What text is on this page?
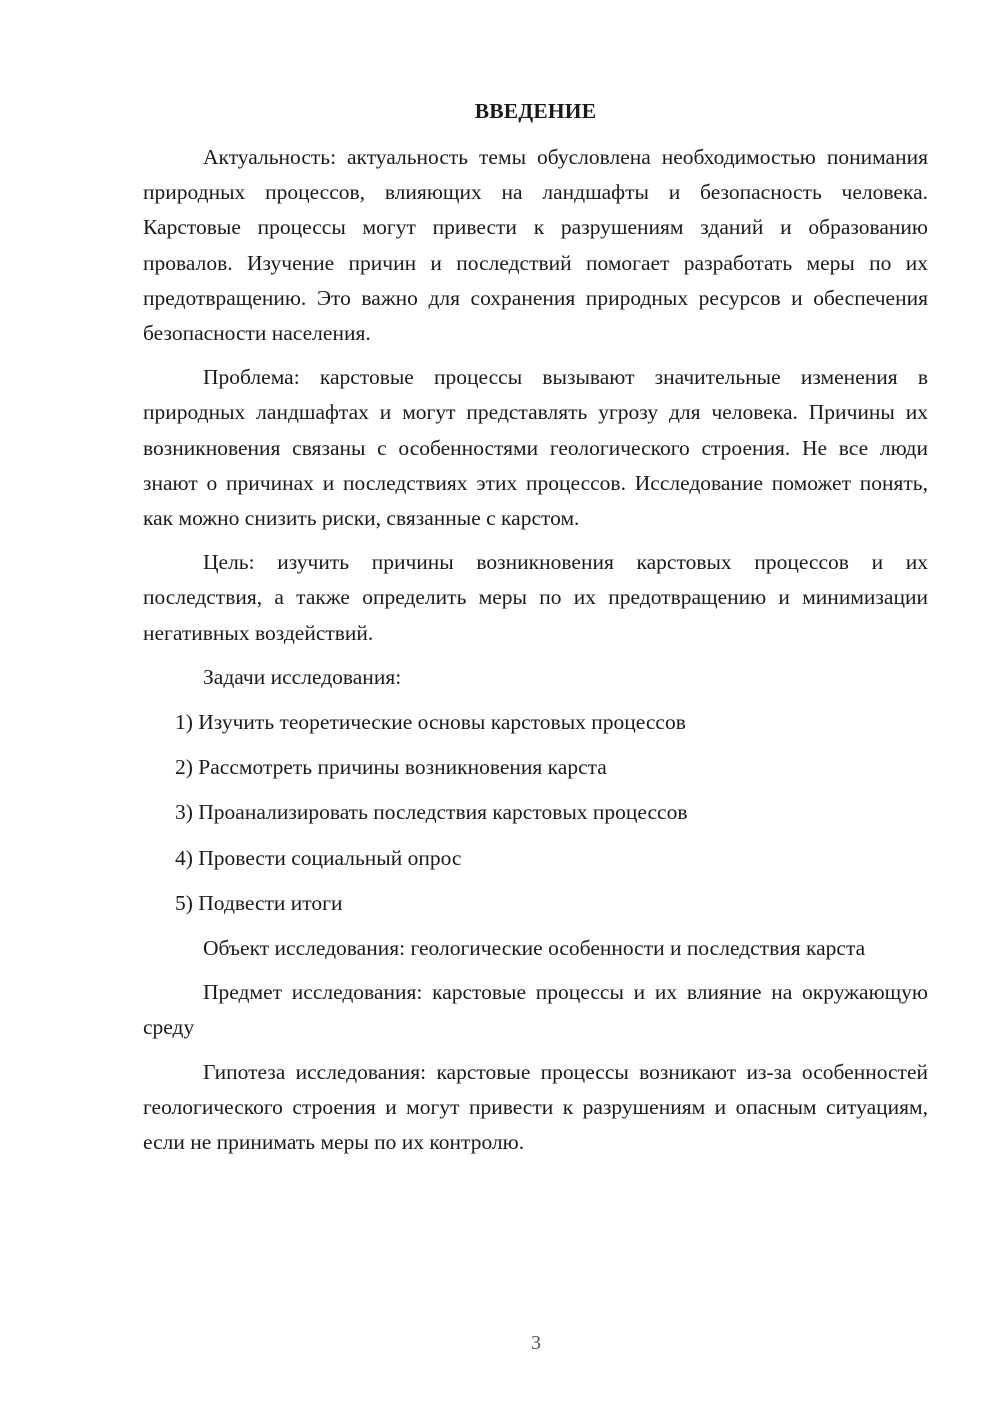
ВВЕДЕНИЕ

Актуальность: актуальность темы обусловлена необходимостью понимания природных процессов, влияющих на ландшафты и безопасность человека. Карстовые процессы могут привести к разрушениям зданий и образованию провалов. Изучение причин и последствий помогает разработать меры по их предотвращению. Это важно для сохранения природных ресурсов и обеспечения безопасности населения.

Проблема: карстовые процессы вызывают значительные изменения в природных ландшафтах и могут представлять угрозу для человека. Причины их возникновения связаны с особенностями геологического строения. Не все люди знают о причинах и последствиях этих процессов. Исследование поможет понять, как можно снизить риски, связанные с карстом.

Цель: изучить причины возникновения карстовых процессов и их последствия, а также определить меры по их предотвращению и минимизации негативных воздействий.

Задачи исследования:

1) Изучить теоретические основы карстовых процессов
2) Рассмотреть причины возникновения карста
3) Проанализировать последствия карстовых процессов
4) Провести социальный опрос
5) Подвести итоги

Объект исследования: геологические особенности и последствия карста

Предмет исследования: карстовые процессы и их влияние на окружающую среду

Гипотеза исследования: карстовые процессы возникают из-за особенностей геологического строения и могут привести к разрушениям и опасным ситуациям, если не принимать меры по их контролю.

3
